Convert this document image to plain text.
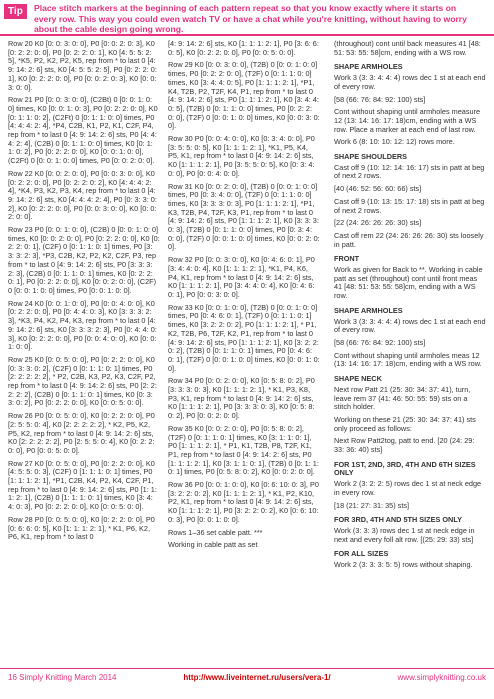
Tip	Place stitch markers at the beginning of each pattern repeat so that you know exactly where it starts on every row. This way you could even watch TV or have a chat while you're knitting, without having to worry about the cable design going wrong.

Row 20 K0 [0: 0: 3: 0: 0], P0 [0: 0: 2: 0: 3], K0 [0: 2: 2: 0: 0], P0 [0: 2: 2: 0: 1], K0 [4: 5: 5: 2: 5], *K5, P2, K2, P2, K5, rep from * to last 0 [4: 9: 14: 2: 6] sts, K0 [4: 5: 5: 2: 5], P0 [0: 2: 2: 0: 1], K0 [0: 2: 2: 0: 0], P0 [0: 0: 2: 0: 3], K0 [0: 0: 3: 0: 0].

Row 21 P0 [0: 0: 3: 0: 0], (C2Bt) 0 [0: 0: 1: 0: 0] times, K0 [0: 0: 1: 0: 3], P0 [0: 2: 2: 0: 0], K0 [0: 1: 1: 0: 2], (C2Ft) 0 [0: 1: 1: 0: 0] times, P0 [4: 4: 4: 2: 4], *P4, C2B, K1, P2, K1, C2F, P4, rep from * to last 0 [4: 9: 14: 2: 6] sts, P0 [4: 4: 4: 2: 4], (C2B) 0 [0: 1: 1: 0: 0] times, K0 [0: 1: 1: 0: 2], P0 [0: 2: 2: 0: 0], K0 [0: 0: 1: 0: 0], (C2Ft) 0 [0: 0: 1: 0: 0] times, P0 [0: 0: 2: 0: 0].

Row 22 K0 [0: 0: 2: 0: 0], P0 [0: 0: 3: 0: 0], K0 [0: 2: 2: 0: 0], P0 [0: 2: 2: 0: 2], K0 [4: 4: 4: 2: 4], *K4, P3, K2, P3, K4, rep from * to last 0 [4: 9: 14: 2: 6] sts, K0 [4: 4: 4: 2: 4], P0 [0: 3: 3: 0: 2], K0 [0: 2: 2: 0: 0], P0 [0: 0: 3: 0: 0], K0 [0: 0: 2: 0: 0].

Row 23 P0 [0: 0: 1: 0: 0], (C2B) 0 [0: 0: 1: 0: 0] times, K0 [0: 0: 2: 0: 0], P0 [0: 2: 2: 0: 0], K0 [0: 2: 2: 0: 1], (C2F) 0 [0: 1: 1: 0: 1] times, P0 [3: 3: 3: 2: 3], *P3, C2B, K2, P2, K2, C2F, P3, rep from * to last 0 [4: 9: 14: 2: 6] sts, P0 [3: 3: 3: 2: 3], (C2B) 0 [0: 1: 1: 0: 1] times, K0 [0: 2: 2: 0: 1], P0 [0: 2: 2: 0: 0], K0 [0: 0: 2: 0: 0], (C2F) 0 [0: 0: 1: 0: 0] times, P0 [0: 0: 1: 0: 0].

Row 24 K0 [0: 0: 1: 0: 0], P0 [0: 0: 4: 0: 0], K0 [0: 2: 2: 0: 0], P0 [0: 4: 4: 0: 3], K0 [3: 3: 3: 2: 3], *K3, P4, K2, P4, K3, rep from * to last 0 [4: 9: 14: 2: 6] sts, K0 [3: 3: 3: 2: 3], P0 [0: 4: 4: 0: 3], K0 [0: 2: 2: 0: 0], P0 [0: 0: 4: 0: 0], K0 [0: 0: 1: 0: 0].

Row 25 K0 [0: 0: 5: 0: 0], P0 [0: 2: 2: 0: 0], K0 [0: 3: 3: 0: 2], (C2F) 0 [0: 1: 1: 0: 1] times, P0 [2: 2: 2: 2: 2], * P2, C2B, K3, P2, K3, C2F, P2, rep from * to last 0 [4: 9: 14: 2: 6] sts, P0 [2: 2: 2: 2: 2], (C2B) 0 [0: 1: 1: 0: 1] times, K0 [0: 3: 3: 0: 2], P0 [0: 2: 2: 0: 0], K0 [0: 0: 5: 0: 0].

Row 26 P0 [0: 0: 5: 0: 0], K0 [0: 2: 2: 0: 0], P0 [2: 5: 5: 0: 4], K0 [2: 2: 2: 2: 2], * K2, P5, K2, P5, K2, rep from * to last 0 [4: 9: 14: 2: 6] sts, K0 [2: 2: 2: 2: 2], P0 [2: 5: 5: 0: 4], K0 [0: 2: 2: 0: 0], P0 [0: 0: 5: 0: 0].

Row 27 K0 [0: 0: 5: 0: 0], P0 [0: 2: 2: 0: 0], K0 [4: 5: 5: 0: 3], (C2F) 0 [1: 1: 1: 0: 1] times, P0 [1: 1: 1: 2: 1], *P1, C2B, K4, P2, K4, C2F, P1, rep from * to last 0 [4: 9: 14: 2: 6] sts, P0 [1: 1: 1: 2: 1], (C2B) 0 [1: 1: 1: 0: 1] times, K0 [3: 4: 4: 0: 3], P0 [0: 2: 2: 0: 0], K0 [0: 0: 5: 0: 0].

Row 28 P0 [0: 0: 5: 0: 0], K0 [0: 2: 2: 0: 0], P0 [0: 6: 6: 0: 5], K0 [1: 1: 1: 2: 1], * K1, P6, K2, P6, K1, rep from * to last 0

[4: 9: 14: 2: 6] sts, K0 [1: 1: 1: 2: 1], P0 [3: 6: 6: 0: 5], K0 [0: 2: 2: 0: 0], P0 [0: 0: 5: 0: 0].

Row 29 K0 [0: 0: 3: 0: 0], (T2B) 0 [0: 0: 1: 0: 0] times, P0 [0: 2: 2: 0: 0], (T2F) 0 [0: 1: 1: 0: 0] times, K0 [3: 4: 4: 0: 5], P0 [1: 1: 1: 2: 1], *P1, K4, T2B, P2, T2F, K4, P1, rep from * to last 0 [4: 9: 14: 2: 6] sts, P0 [1: 1: 1: 2: 1], K0 [3: 4: 4: 0: 5], (T2B) 0 [0: 1: 1: 0: 0] times, P0 [0: 2: 2: 0: 0], (T2F) 0 [0: 0: 1: 0: 0] times, K0 [0: 0: 3: 0: 0].

Row 30 P0 [0: 0: 4: 0: 0], K0 [0: 3: 4: 0: 0], P0 [3: 5: 5: 0: 5], K0 [1: 1: 1: 2: 1], *K1, P5, K4, P5, K1, rep from * to last 0 [4: 9: 14: 2: 6] sts, K0 [1: 1: 1: 2: 1], P0 [3: 5: 5: 0: 5], K0 [0: 3: 4: 0: 0], P0 [0: 0: 4: 0: 0].

Row 31 K0 [0: 0: 2: 0: 0], (T2B) 0 [0: 0: 1: 0: 0] times, P0 [0: 3: 4: 0: 0], (T2F) 0 [0: 1: 1: 0: 0] times, K0 [3: 3: 3: 0: 3], P0 [1: 1: 1: 2: 1], *P1, K3, T2B, P4, T2F, K3, P1, rep from * to last 0 [4: 9: 14: 2: 6] sts, P0 [1: 1: 1: 2: 1], K0 [3: 3: 3: 0: 3], (T2B) 0 [0: 1: 1: 0: 0] times, P0 [0: 3: 4: 0: 0], (T2F) 0 [0: 0: 1: 0: 0] times, K0 [0: 0: 2: 0: 0].

Row 32 P0 [0: 0: 3: 0: 0], K0 [0: 4: 6: 0: 1], P0 [3: 4: 4: 0: 4], K0 [1: 1: 1: 2: 1], *K1, P4, K6, P4, K1, rep from * to last 0 [4: 9: 14: 2: 6] sts, K0 [1: 1: 1: 2: 1], P0 [3: 4: 4: 0: 4], K0 [0: 4: 6: 0: 1], P0 [0: 0: 3: 0: 0].

Row 33 K0 [0: 0: 1: 0: 0], (T2B) 0 [0: 0: 1: 0: 0] times, P0 [0: 4: 6: 0: 1], (T2F) 0 [0: 1: 1: 0: 1] times, K0 [3: 2: 2: 0: 2], P0 [1: 1: 1: 2: 1], * P1, K2, T2B, P6, T2F, K2, P1, rep from * to last 0 [4: 9: 14: 2: 6] sts, P0 [1: 1: 1: 2: 1], K0 [3: 2: 2: 0: 2], (T2B) 0 [0: 1: 1: 0: 1] times, P0 [0: 4: 6: 0: 1], (T2F) 0 [0: 0: 1: 0: 0] times, K0 [0: 0: 1: 0: 0].

Row 34 P0 [0: 0: 2: 0: 0], K0 [0: 5: 8: 0: 2], P0 [3: 3: 3: 0: 3], K0 [1: 1: 1: 2: 1], * K1, P3, K8, P3, K1, rep from * to last 0 [4: 9: 14: 2: 6] sts, K0 [1: 1: 1: 2: 1], P0 [3: 3: 3: 0: 3], K0 [0: 5: 8: 0: 2], P0 [0: 0: 2: 0: 0].

Row 35 K0 [0: 0: 2: 0: 0], P0 [0: 5: 8: 0: 2], (T2F) 0 [0: 1: 1: 0: 1] times, K0 [3: 1: 1: 0: 1], P0 [1: 1: 1: 2: 1], * P1, K1, T2B, P8, T2F, K1, P1, rep from * to last 0 [4: 9: 14: 2: 6] sts, P0 [1: 1: 1: 2: 1], K0 [3: 1: 1: 0: 1], (T2B) 0 [0: 1: 1: 0: 1] times, P0 [0: 5: 8: 0: 2], K0 [0: 0: 2: 0: 0].

Row 36 P0 [0: 0: 1: 0: 0], K0 [0: 6: 10: 0: 3], P0 [3: 2: 2: 0: 2], K0 [1: 1: 1: 2: 1], * K1, P2, K10, P2, K1, rep from * to last 0 [4: 9: 14: 2: 6] sts, K0 [1: 1: 1: 2: 1], P0 [3: 2: 2: 0: 2], K0 [0: 6: 10: 0: 3], P0 [0: 0: 1: 0: 0].

Rows 1–36 set cable patt. ***

Working in cable patt as set

(throughout) cont until back measures 41 [48: 51: 53: 55: 58]cm, ending with a WS row.

SHAPE ARMHOLES

Work 3 (3: 3: 4: 4: 4) rows dec 1 st at each end of every row.

[58 (66: 76: 84: 92: 100) sts]

Cont without shaping until armholes measure 12 (13: 14: 16: 17: 18)cm, ending with a WS row. Place a marker at each end of last row.

Work 6 (8: 10: 10: 12: 12) rows more.

SHAPE SHOULDERS

Cast off 9 (10: 12: 14: 16: 17) sts in patt at beg of next 2 rows.

[40 (46: 52: 56: 60: 66) sts]

Cast off 9 (10: 13: 15: 17: 18) sts in patt at beg of next 2 rows.

[22 (24: 26: 26: 26: 30) sts]

Cast off rem 22 (24: 26: 26: 26: 30) sts loosely in patt.

FRONT

Work as given for Back to **. Working in cable patt as set (throughout) cont until front meas 41 [48: 51: 53: 55: 58]cm, ending with a WS row.

SHAPE ARMHOLES

Work 3 (3: 3: 4: 4: 4) rows dec 1 st at each end of every row.

[58 (66: 76: 84: 92: 100) sts]

Cont without shaping until armholes meas 12 (13: 14: 16: 17: 18)cm, ending with a WS row.

SHAPE NECK

Next row Patt 21 (25: 30: 34: 37: 41), turn, leave rem 37 (41: 46: 50: 55: 59) sts on a stitch holder.

Working on these 21 (25: 30: 34: 37: 41) sts only proceed as follows:

Next Row Patt2tog, patt to end. [20 (24: 29: 33: 36: 40) sts]

FOR 1ST, 2ND, 3RD, 4TH AND 6TH SIZES ONLY

Work 2 (3: 2: 2: 5) rows dec 1 st at neck edge in every row.

[18 (21: 27: 31: 35) sts]

FOR 3RD, 4TH AND 5TH SIZES ONLY

Work (3: 3: 3) rows dec 1 st at neck edge in next and every foll alt row. [(25: 29: 33) sts]

FOR ALL SIZES

Work 2 (3: 3: 3: 5: 5) rows without shaping.

16 Simply Knitting March 2014	http://www.liveinternet.ru/users/vera-1/	www.simplyknitting.co.uk
